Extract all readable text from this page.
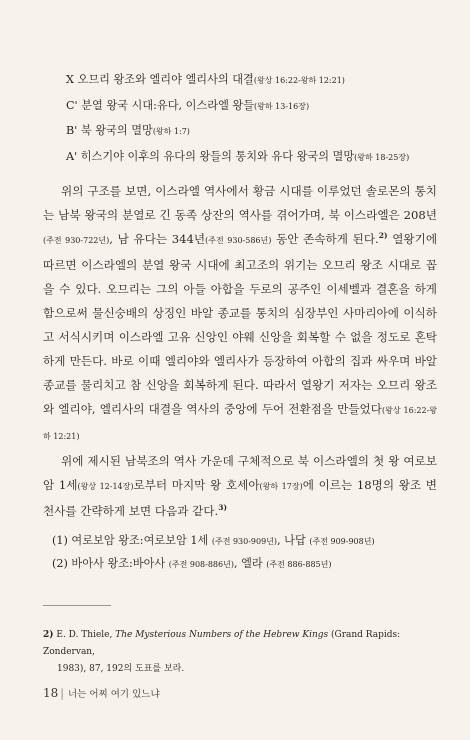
X 오므리 왕조와 엘리야 엘리사의 대결(왕상 16:22-왕하 12:21)
C' 분열 왕국 시대:유다, 이스라엘 왕들(왕하 13-16장)
B' 북 왕국의 멸망(왕하 1:7)
A' 히스기야 이후의 유다의 왕들의 통치와 유다 왕국의 멸망(왕하 18-25장)

위의 구조를 보면, 이스라엘 역사에서 황금 시대를 이루었던 솔로몬의 통치는 남북 왕국의 분열로 긴 동족 상잔의 역사를 겪어가며, 북 이스라엘은 208년(주전 930-722년), 남 유다는 344년(주전 930-586년) 동안 존속하게 된다.$^{2)}$ 열왕기에 따르면 이스라엘의 분열 왕국 시대에 최고조의 위기는 오므리 왕조 시대로 꼽을 수 있다. 오므리는 그의 아들 아합을 두로의 공주인 이세벨과 결혼을 하게 함으로써 물신숭배의 상징인 바알 종교를 통치의 심장부인 사마리아에 이식하고 서식시키며 이스라엘 고유 신앙인 야웨 신앙을 회복할 수 없을 정도로 혼탁하게 만든다. 바로 이때 엘리야와 엘리사가 등장하여 아합의 집과 싸우며 바알 종교를 물리치고 참 신앙을 회복하게 된다. 따라서 열왕기 저자는 오므리 왕조와 엘리야, 엘리사의 대결을 역사의 중앙에 두어 전환점을 만들었다(왕상 16:22-왕하 12:21)

위에 제시된 남북조의 역사 가운데 구체적으로 북 이스라엘의 첫 왕 여로보암 1세(왕상 12-14장)로부터 마지막 왕 호세아(왕하 17장)에 이르는 18명의 왕조 변천사를 간략하게 보면 다음과 같다.$^{3)}$

(1) 여로보암 왕조:여로보암 1세 (주전 930-909년), 나답 (주전 909-908년)
(2) 바아사 왕조:바아사 (주전 908-886년), 엘라 (주전 886-885년)
2) E. D. Thiele, The Mysterious Numbers of the Hebrew Kings (Grand Rapids: Zondervan,
1983), 87, 192의 도표를 보라.
18 | 너는 어찌 여기 있느냐
